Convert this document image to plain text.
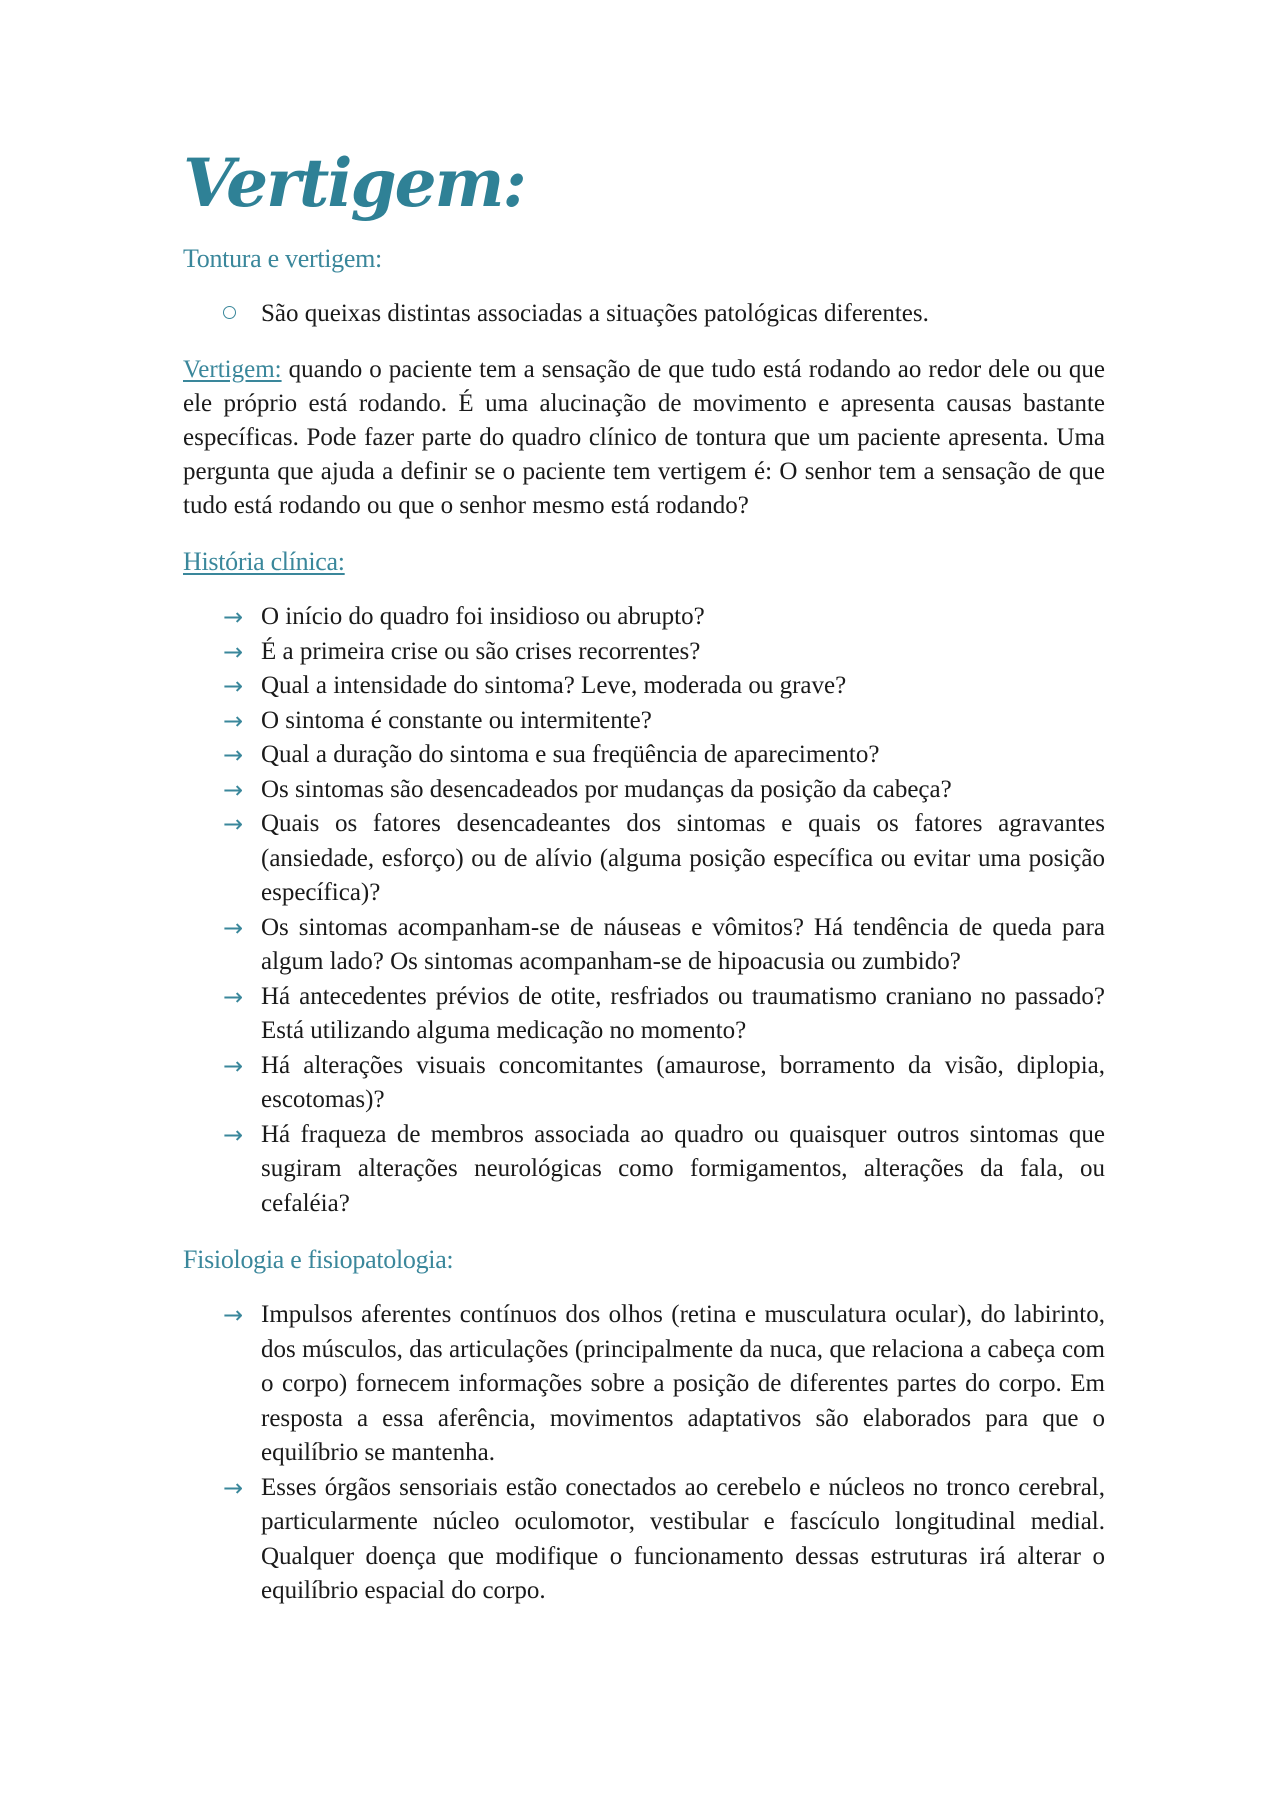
Vertigem:

Tontura e vertigem:

São queixas distintas associadas a situações patológicas diferentes.

Vertigem: quando o paciente tem a sensação de que tudo está rodando ao redor dele ou que ele próprio está rodando. É uma alucinação de movimento e apresenta causas bastante específicas. Pode fazer parte do quadro clínico de tontura que um paciente apresenta. Uma pergunta que ajuda a definir se o paciente tem vertigem é: O senhor tem a sensação de que tudo está rodando ou que o senhor mesmo está rodando?

História clínica:

→ O início do quadro foi insidioso ou abrupto?
→ É a primeira crise ou são crises recorrentes?
→ Qual a intensidade do sintoma? Leve, moderada ou grave?
→ O sintoma é constante ou intermitente?
→ Qual a duração do sintoma e sua freqüência de aparecimento?
→ Os sintomas são desencadeados por mudanças da posição da cabeça?
→ Quais os fatores desencadeantes dos sintomas e quais os fatores agravantes (ansiedade, esforço) ou de alívio (alguma posição específica ou evitar uma posição específica)?
→ Os sintomas acompanham-se de náuseas e vômitos? Há tendência de queda para algum lado? Os sintomas acompanham-se de hipoacusia ou zumbido?
→ Há antecedentes prévios de otite, resfriados ou traumatismo craniano no passado? Está utilizando alguma medicação no momento?
→ Há alterações visuais concomitantes (amaurose, borramento da visão, diplopia, escotomas)?
→ Há fraqueza de membros associada ao quadro ou quaisquer outros sintomas que sugiram alterações neurológicas como formigamentos, alterações da fala, ou cefaléia?

Fisiologia e fisiopatologia:

→ Impulsos aferentes contínuos dos olhos (retina e musculatura ocular), do labirinto, dos músculos, das articulações (principalmente da nuca, que relaciona a cabeça com o corpo) fornecem informações sobre a posição de diferentes partes do corpo. Em resposta a essa aferência, movimentos adaptativos são elaborados para que o equilíbrio se mantenha.
→ Esses órgãos sensoriais estão conectados ao cerebelo e núcleos no tronco cerebral, particularmente núcleo oculomotor, vestibular e fascículo longitudinal medial. Qualquer doença que modifique o funcionamento dessas estruturas irá alterar o equilíbrio espacial do corpo.
